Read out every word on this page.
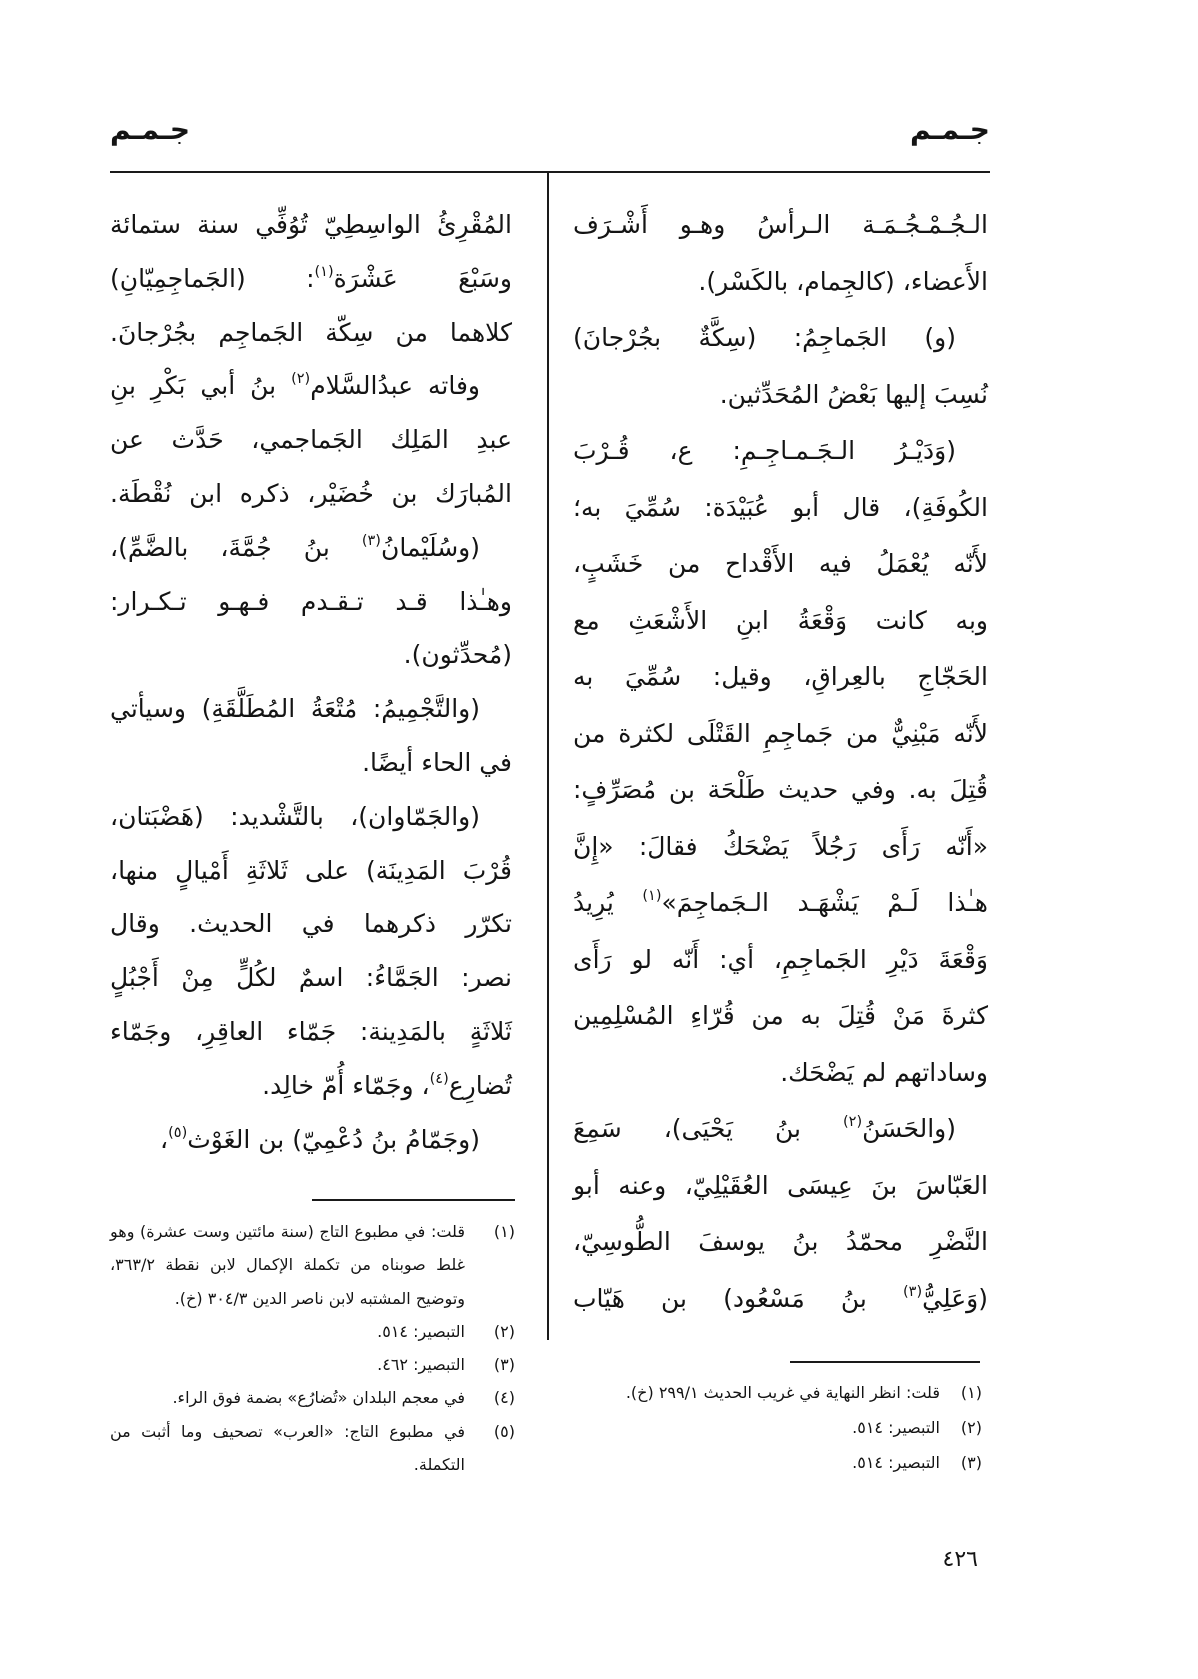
جـمـم
جـمـم
الـجُـمْـجُـمَـة الـرأسُ وهـو أَشْـرَف
الأَعضاء، (كالجِمام، بالكَسْر).
(و) الجَماجِمُ: (سِكَّةٌ بجُرْجانَ)
نُسِبَ إليها بَعْضُ المُحَدِّثين.
(وَدَيْـرُ الـجَـمـاجِـمِ: ع، قُـرْبَ
الكُوفَةِ)، قال أبو عُبَيْدَة: سُمِّيَ به؛
لأَنّه يُعْمَلُ فيه الأَقْداح من خَشَبٍ،
وبه كانت وَقْعَةُ ابنِ الأَشْعَثِ مع
الحَجّاجِ بالعِراقِ، وقيل: سُمِّيَ به
لأَنّه مَبْنِيٌّ من جَماجِمِ القَتْلَى لكثرة من
قُتِلَ به. وفي حديث طَلْحَة بن مُصَرِّفٍ:
«أَنّه رَأَى رَجُلاً يَضْحَكُ فقالَ: «إِنَّ
هـٰذا لَـمْ يَشْهَـد الـجَماجِمَ»$^{(١)}$ يُرِيدُ
وَقْعَةَ دَيْرِ الجَماجِمِ، أي: أَنّه لو رَأَى
كثرةَ مَنْ قُتِلَ به من قُرّاءِ المُسْلِمِين
وساداتهم لم يَضْحَك.
(والحَسَنُ$^{(٢)}$ بنُ يَحْيَى)، سَمِعَ
العَبّاسَ بنَ عِيسَى العُقَيْلِيّ، وعنه أبو
النَّضْرِ محمّدُ بنُ يوسفَ الطُّوسِيّ،
(وَعَلِيُّ$^{(٣)}$ بنُ مَسْعُود) بن هَيّاب
المُقْرِئُ الواسِطِيّ تُوُفِّي سنة ستمائة
وسَبْعَ عَشْرَة$^{(١)}$: (الجَماجِمِيّانِ)
كلاهما من سِكّة الجَماجِم بجُرْجانَ.
وفاته عبدُالسَّلام$^{(٢)}$ بنُ أبي بَكْرِ بنِ
عبدِ المَلِك الجَماجمي، حَدَّث عن
المُبارَك بن خُضَيْر، ذكره ابن نُقْطَة.
(وسُلَيْمانُ$^{(٣)}$ بنُ جُمَّةَ، بالضَّمِّ)،
وهـٰذا قـد تـقـدم فـهـو تـكـرار:
(مُحدِّثون).
(والتَّجْمِيمُ: مُتْعَةُ المُطَلَّقَةِ) وسيأتي
في الحاء أيضًا.
(والجَمّاوان)، بالتَّشْديد: (هَضْبَتان،
قُرْبَ المَدِينَة) على ثَلاثَةِ أَمْيالٍ منها،
تكرّر ذكرهما في الحديث. وقال
نصر: الجَمَّاءُ: اسمٌ لكُلٍّ مِنْ أَجْبُلٍ
ثَلاثَةٍ بالمَدِينة: جَمّاء العاقِرِ، وجَمّاء
تُضارِع$^{(٤)}$، وجَمّاء أُمّ خالِد.
(وجَمّامُ بنُ دُعْمِيّ) بن الغَوْث$^{(٥)}$،
(١)
قلت: انظر النهاية في غريب الحديث ٢٩٩/١ (خ).
(٢)
التبصير: ٥١٤.
(٣)
التبصير: ٥١٤.
(١)
قلت: في مطبوع التاج (سنة مائتين وست عشرة) وهو
غلط صوبناه من تكملة الإكمال لابن نقطة ٣٦٣/٢،
وتوضيح المشتبه لابن ناصر الدين ٣٠٤/٣ (خ).
(٢)
التبصير: ٥١٤.
(٣)
التبصير: ٤٦٢.
(٤)
في معجم البلدان «تُضارُع» بضمة فوق الراء.
(٥)
في مطبوع التاج: «العرب» تصحيف وما أثبت من
التكملة.
٤٢٦
